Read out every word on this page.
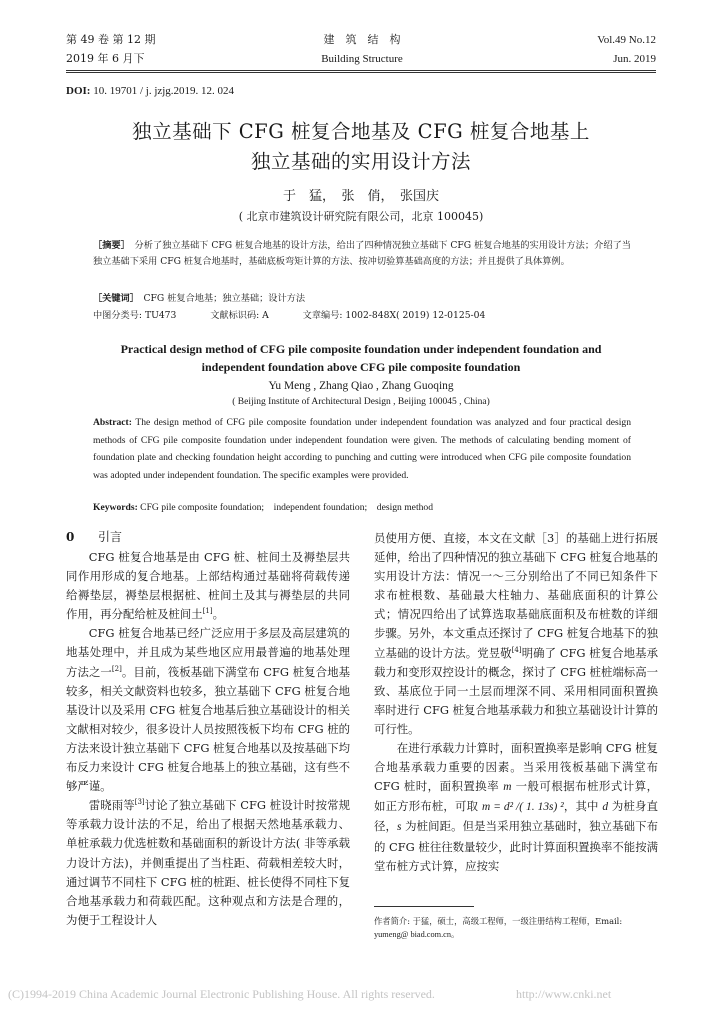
第 49 卷 第 12 期
2019 年 6 月下
建　筑　结　构
Building Structure
Vol.49 No.12
Jun. 2019
DOI: 10. 19701 / j. jzjg.2019. 12. 024
独立基础下 CFG 桩复合地基及 CFG 桩复合地基上
独立基础的实用设计方法
于　猛，　张　俏，　张国庆
( 北京市建筑设计研究院有限公司，北京 100045)
［摘要］　分析了独立基础下 CFG 桩复合地基的设计方法，给出了四种情况独立基础下 CFG 桩复合地基的实用设计方法；介绍了当独立基础下采用 CFG 桩复合地基时，基础底板弯矩计算的方法、按冲切验算基础高度的方法；并且提供了具体算例。
［关键词］　CFG 桩复合地基；独立基础；设计方法
中图分类号: TU473	文献标识码: A	文章编号: 1002-848X( 2019) 12-0125-04
Practical design method of CFG pile composite foundation under independent foundation and
independent foundation above CFG pile composite foundation
Yu Meng , Zhang Qiao , Zhang Guoqing
( Beijing Institute of Architectural Design , Beijing 100045 , China)
Abstract: The design method of CFG pile composite foundation under independent foundation was analyzed and four practical design methods of CFG pile composite foundation under independent foundation were given. The methods of calculating bending moment of foundation plate and checking foundation height according to punching and cutting were introduced when CFG pile composite foundation was adopted under independent foundation. The specific examples were provided.
Keywords: CFG pile composite foundation;　independent foundation;　design method
0 引言

CFG 桩复合地基是由 CFG 桩、桩间土及褥垫层共同作用形成的复合地基。上部结构通过基础将荷载传递给褥垫层，褥垫层根据桩、桩间土及其与褥垫层的共同作用，再分配给桩及桩间土[1]。

CFG 桩复合地基已经广泛应用于多层及高层建筑的地基处理中，并且成为某些地区应用最普遍的地基处理方法之一[2]。目前，筏板基础下满堂布 CFG 桩复合地基较多，相关文献资料也较多，独立基础下 CFG 桩复合地基设计以及采用 CFG 桩复合地基后独立基础设计的相关文献相对较少，很多设计人员按照筏板下均布 CFG 桩的方法来设计独立基础下 CFG 桩复合地基以及按基础下均布反力来设计 CFG 桩复合地基上的独立基础，这有些不够严谨。

雷晓雨等[3]讨论了独立基础下 CFG 桩设计时按常规等承载力设计法的不足，给出了根据天然地基承载力、单桩承载力优选桩数和基础面积的新设计方法( 非等承载力设计方法)，并侧重提出了当柱距、荷载相差较大时，通过调节不同柱下 CFG 桩的桩距、桩长使得不同柱下复合地基承载力和荷载匹配。这种观点和方法是合理的，为便于工程设计人

员使用方便、直接，本文在文献［3］的基础上进行拓展延伸，给出了四种情况的独立基础下 CFG 桩复合地基的实用设计方法：情况一～三分别给出了不同已知条件下求布桩根数、基础最大柱轴力、基础底面积的计算公式；情况四给出了试算选取基础底面积及布桩数的详细步骤。另外，本文重点还探讨了 CFG 桩复合地基下的独立基础的设计方法。党昱敬[4]明确了 CFG 桩复合地基承载力和变形双控设计的概念，探讨了 CFG 桩桩端标高一致、基底位于同一土层而埋深不同、采用相同面积置换率时进行 CFG 桩复合地基承载力和独立基础设计计算的可行性。

在进行承载力计算时，面积置换率是影响 CFG 桩复合地基承载力重要的因素。当采用筏板基础下满堂布 CFG 桩时，面积置换率 m 一般可根据布桩形式计算，如正方形布桩，可取 m = d² /( 1. 13s) ²，其中 d 为桩身直径，s 为桩间距。但是当采用独立基础时，独立基础下布的 CFG 桩往往数量较少，此时计算面积置换率不能按满堂布桩方式计算，应按实

作者简介: 于猛，硕士，高级工程师，一级注册结构工程师，Email:
yumeng@ biad.com.cn。
(C)1994-2019 China Academic Journal Electronic Publishing House. All rights reserved.	http://www.cnki.net
